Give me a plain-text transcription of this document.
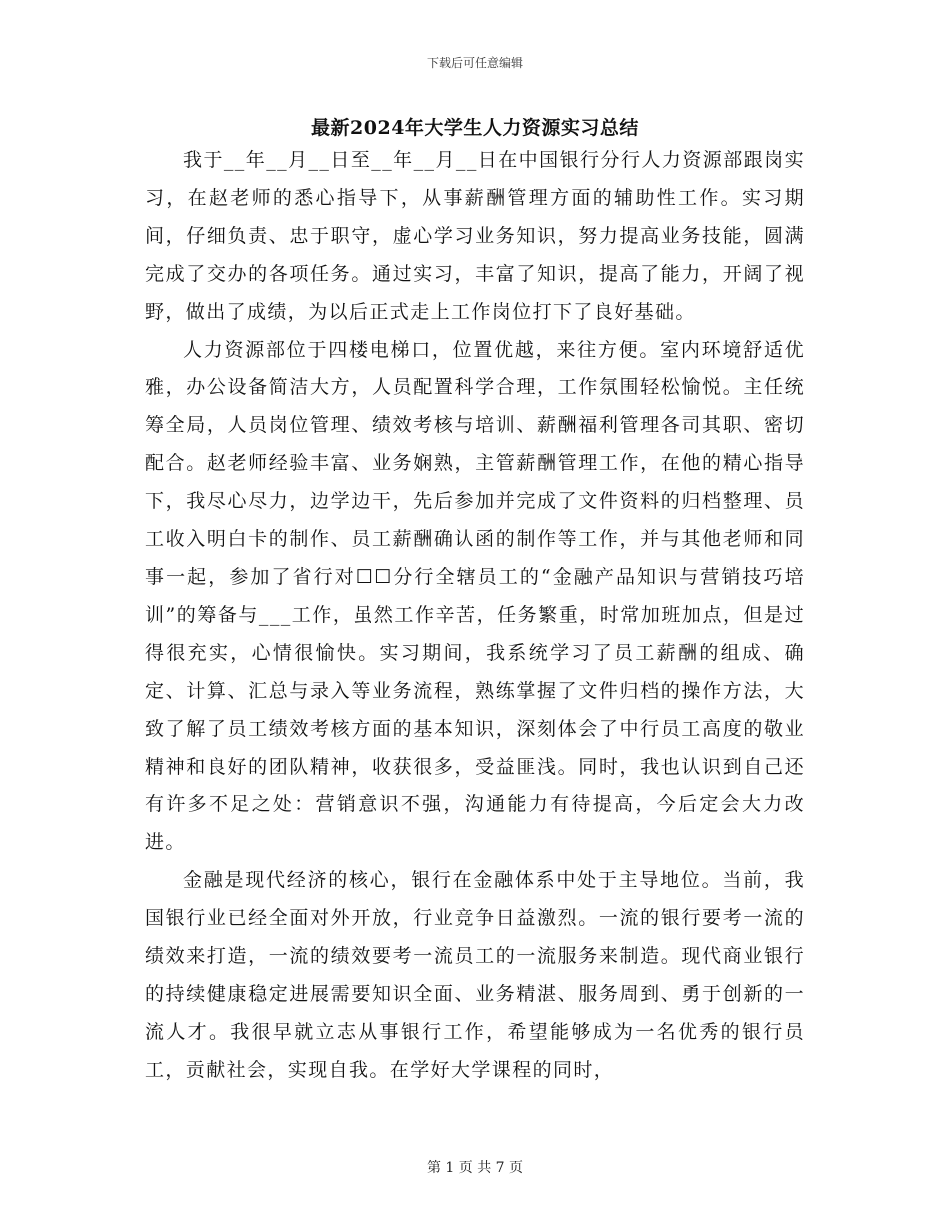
下载后可任意编辑
最新2024年大学生人力资源实习总结

我于__年__月__日至__年__月__日在中国银行分行人力资源部跟岗实习，在赵老师的悉心指导下，从事薪酬管理方面的辅助性工作。实习期间，仔细负责、忠于职守，虚心学习业务知识，努力提高业务技能，圆满完成了交办的各项任务。通过实习，丰富了知识，提高了能力，开阔了视野，做出了成绩，为以后正式走上工作岗位打下了良好基础。

人力资源部位于四楼电梯口，位置优越，来往方便。室内环境舒适优雅，办公设备简洁大方，人员配置科学合理，工作氛围轻松愉悦。主任统筹全局，人员岗位管理、绩效考核与培训、薪酬福利管理各司其职、密切配合。赵老师经验丰富、业务娴熟，主管薪酬管理工作，在他的精心指导下，我尽心尽力，边学边干，先后参加并完成了文件资料的归档整理、员工收入明白卡的制作、员工薪酬确认函的制作等工作，并与其他老师和同事一起，参加了省行对☐☐分行全辖员工的“金融产品知识与营销技巧培训”的筹备与___工作，虽然工作辛苦，任务繁重，时常加班加点，但是过得很充实，心情很愉快。实习期间，我系统学习了员工薪酬的组成、确定、计算、汇总与录入等业务流程，熟练掌握了文件归档的操作方法，大致了解了员工绩效考核方面的基本知识，深刻体会了中行员工高度的敬业精神和良好的团队精神，收获很多，受益匪浅。同时，我也认识到自己还有许多不足之处：营销意识不强，沟通能力有待提高，今后定会大力改进。

金融是现代经济的核心，银行在金融体系中处于主导地位。当前，我国银行业已经全面对外开放，行业竞争日益激烈。一流的银行要考一流的绩效来打造，一流的绩效要考一流员工的一流服务来制造。现代商业银行的持续健康稳定进展需要知识全面、业务精湛、服务周到、勇于创新的一流人才。我很早就立志从事银行工作，希望能够成为一名优秀的银行员工，贡献社会，实现自我。在学好大学课程的同时，

第 1 页 共 7 页
